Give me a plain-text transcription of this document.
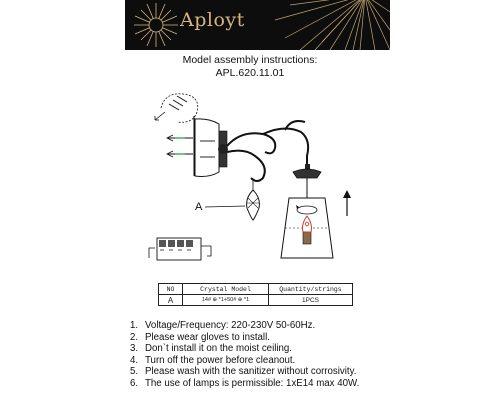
Aployt
Model assembly instructions:
APL.620.11.01
A
NO	Crystal Model	Quantity/strings
A	14# ⊕ *1+50# ⊕ *1	1PCS
1. Voltage/Frequency: 220-230V 50-60Hz.
2. Please wear gloves to install.
3. Don`t install it on the moist ceiling.
4. Turn off the power before cleanout.
5. Please wash with the sanitizer without corrosivity.
6. The use of lamps is permissible: 1xE14 max 40W.
